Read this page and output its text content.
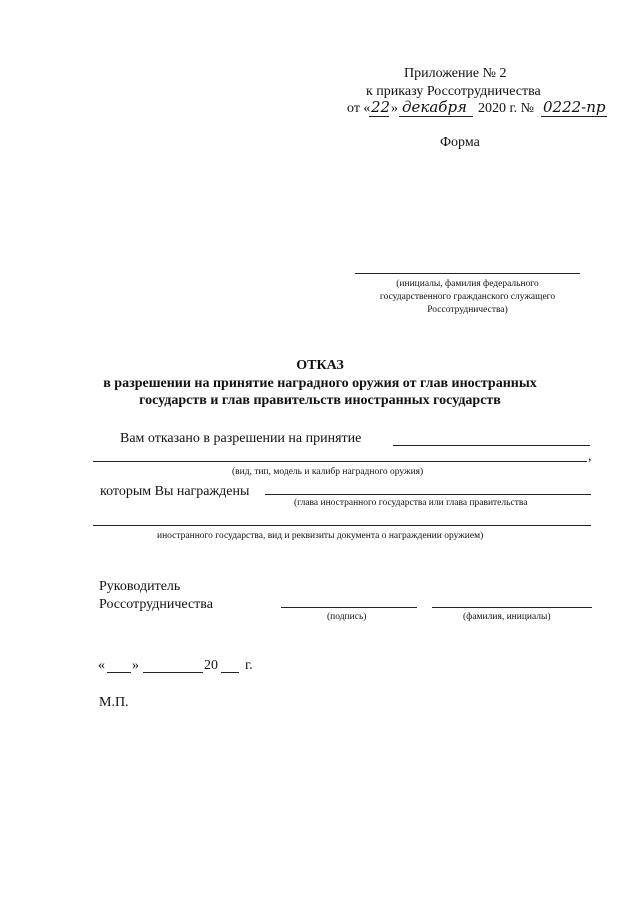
Приложение № 2
к приказу Россотрудничества
от « 22 » декабря 2020 г. № 0222-пр
Форма
(инициалы, фамилия федерального
государственного гражданского служащего
Россотрудничества)
ОТКАЗ
в разрешении на принятие наградного оружия от глав иностранных
государств и глав правительств иностранных государств
Вам отказано в разрешении на принятие
,
(вид, тип, модель и калибр наградного оружия)
которым Вы награждены
(глава иностранного государства или глава правительства
иностранного государства, вид и реквизиты документа о награждении оружием)
Руководитель
Россотрудничества
(подпись)	(фамилия, инициалы)
« »	20 г.
М.П.
